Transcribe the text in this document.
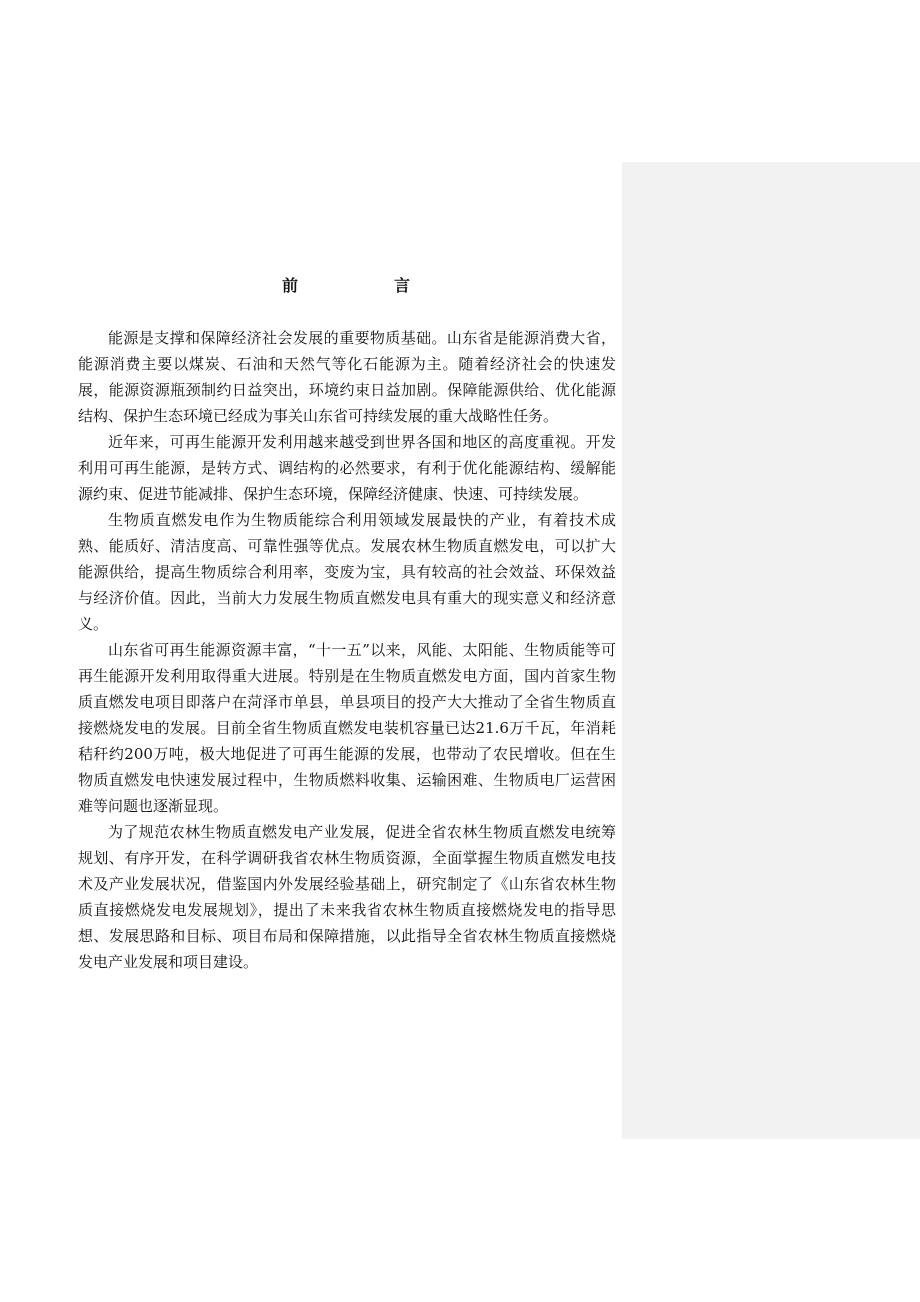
前　言

能源是支撑和保障经济社会发展的重要物质基础。山东省是能源消费大省，能源消费主要以煤炭、石油和天然气等化石能源为主。随着经济社会的快速发展，能源资源瓶颈制约日益突出，环境约束日益加剧。保障能源供给、优化能源结构、保护生态环境已经成为事关山东省可持续发展的重大战略性任务。

近年来，可再生能源开发利用越来越受到世界各国和地区的高度重视。开发利用可再生能源，是转方式、调结构的必然要求，有利于优化能源结构、缓解能源约束、促进节能减排、保护生态环境，保障经济健康、快速、可持续发展。

生物质直燃发电作为生物质能综合利用领域发展最快的产业，有着技术成熟、能质好、清洁度高、可靠性强等优点。发展农林生物质直燃发电，可以扩大能源供给，提高生物质综合利用率，变废为宝，具有较高的社会效益、环保效益与经济价值。因此，当前大力发展生物质直燃发电具有重大的现实意义和经济意义。

山东省可再生能源资源丰富，“十一五”以来，风能、太阳能、生物质能等可再生能源开发利用取得重大进展。特别是在生物质直燃发电方面，国内首家生物质直燃发电项目即落户在菏泽市单县，单县项目的投产大大推动了全省生物质直接燃烧发电的发展。目前全省生物质直燃发电装机容量已达21.6万千瓦，年消耗秸秆约200万吨，极大地促进了可再生能源的发展，也带动了农民增收。但在生物质直燃发电快速发展过程中，生物质燃料收集、运输困难、生物质电厂运营困难等问题也逐渐显现。

为了规范农林生物质直燃发电产业发展，促进全省农林生物质直燃发电统筹规划、有序开发，在科学调研我省农林生物质资源，全面掌握生物质直燃发电技术及产业发展状况，借鉴国内外发展经验基础上，研究制定了《山东省农林生物质直接燃烧发电发展规划》，提出了未来我省农林生物质直接燃烧发电的指导思想、发展思路和目标、项目布局和保障措施，以此指导全省农林生物质直接燃烧发电产业发展和项目建设。
